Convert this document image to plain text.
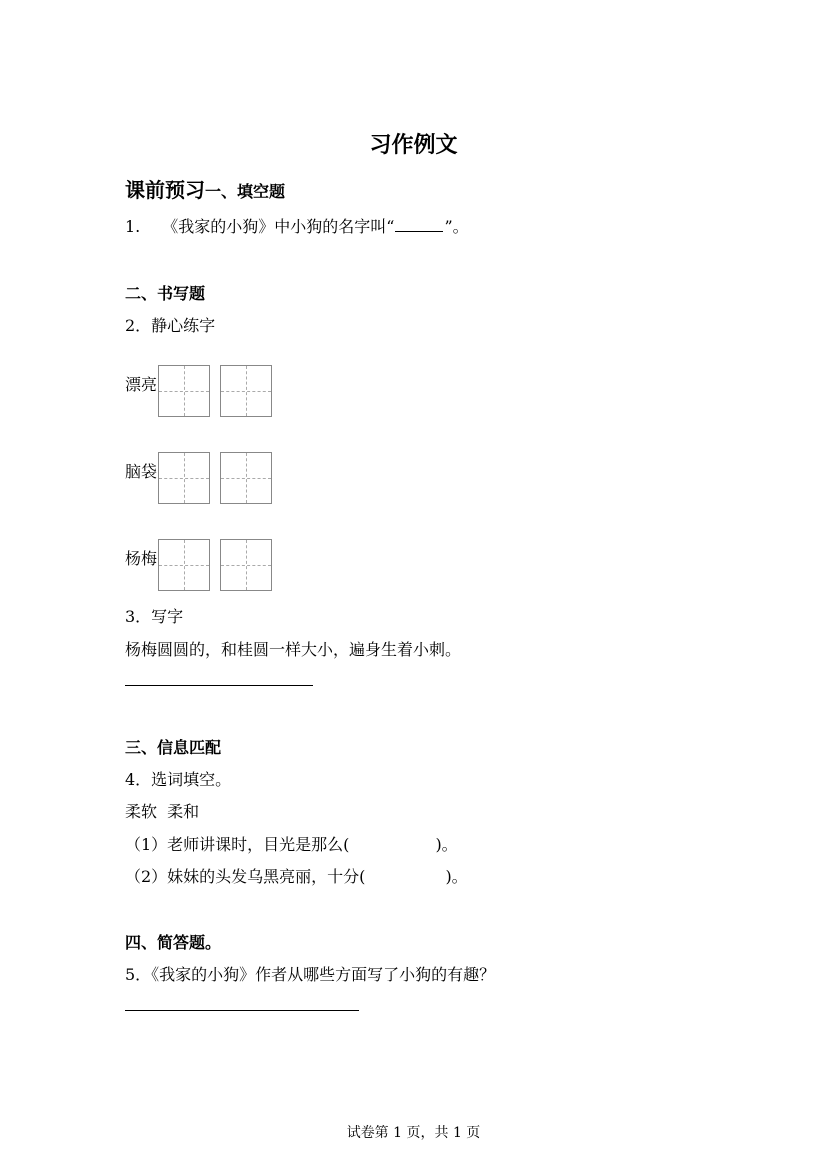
习作例文
课前预习一、填空题
1. 《我家的小狗》中小狗的名字叫“	”。
二、书写题
2．静心练字
漂亮
脑袋
杨梅
3．写字
杨梅圆圆的，和桂圆一样大小，遍身生着小刺。
三、信息匹配
4．选词填空。
柔软  柔和
（1）老师讲课时，目光是那么(	)。
（2）妹妹的头发乌黑亮丽，十分(	)。
四、简答题。
5．《我家的小狗》作者从哪些方面写了小狗的有趣？
试卷第 1 页，共 1 页
